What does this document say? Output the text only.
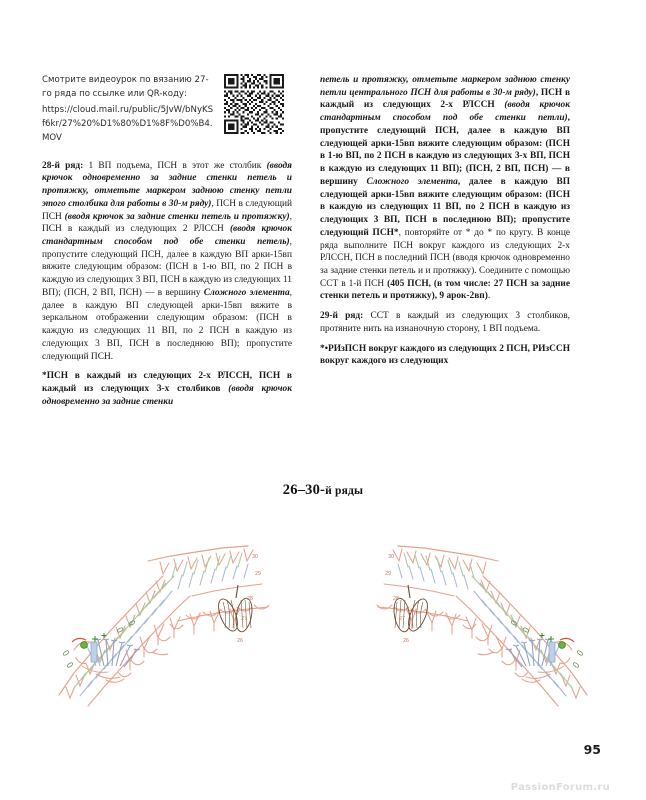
Смотрите видеоурок по вязанию 27-го ряда по ссылке или QR-коду:
https://cloud.mail.ru/public/5JvW/bNyKSf6kr/27%20%D1%80%D1%8F%D0%B4.MOV

28-й ряд: 1 ВП подъема, ПСН в этот же столбик (вводя крючок одновременно за задние стенки петель и протяжку, отметьте маркером заднюю стенку петли этого столбика для работы в 30-м ряду), ПСН в следующий ПСН (вводя крючок за задние стенки петель и протяжку), ПСН в каждый из следующих 2 РЛССН (вводя крючок стандартным способом под обе стенки петель), пропустите следующий ПСН, далее в каждую ВП арки-15вп вяжите следующим образом: (ПСН в 1-ю ВП, по 2 ПСН в каждую из следующих 3 ВП, ПСН в каждую из следующих 11 ВП); (ПСН, 2 ВП, ПСН) — в вершину Сложного элемента, далее в каждую ВП следующей арки-15вп вяжите в зеркальном отображении следующим образом: (ПСН в каждую из следующих 11 ВП, по 2 ПСН в каждую из следующих 3 ВП, ПСН в последнюю ВП); пропустите следующий ПСН.

*ПСН в каждый из следующих 2-х РЛССН, ПСН в каждый из следующих 3-х столбиков (вводя крючок одновременно за задние стенки

петель и протяжку, отметьте маркером заднюю стенку петли центрального ПСН для работы в 30-м ряду), ПСН в каждый из следующих 2-х РЛССН (вводя крючок стандартным способом под обе стенки петли), пропустите следующий ПСН, далее в каждую ВП следующей арки-15вп вяжите следующим образом: (ПСН в 1-ю ВП, по 2 ПСН в каждую из следующих 3-х ВП, ПСН в каждую из следующих 11 ВП); (ПСН, 2 ВП, ПСН) — в вершину Сложного элемента, далее в каждую ВП следующей арки-15вп вяжите следующим образом: (ПСН в каждую из следующих 11 ВП, по 2 ПСН в каждую из следующих 3 ВП, ПСН в последнюю ВП); пропустите следующий ПСН*, повторяйте от * до * по кругу. В конце ряда выполните ПСН вокруг каждого из следующих 2-х РЛССН, ПСН в последний ПСН (вводя крючок одновременно за задние стенки петель и и протяжку). Соедините с помощью ССТ в 1-й ПСН (405 ПСН, (в том числе: 27 ПСН за задние стенки петель и протяжку), 9 арок-2вп).

29-й ряд: ССТ в каждый из следующих 3 столбиков, протяните нить на изнаночную сторону, 1 ВП подъема.

*•РИзПСН вокруг каждого из следующих 2 ПСН, РИзССН вокруг каждого из следующих

26–30-й ряды
30	30
29	29
28	28
27	27
26	26
95
PassionForum.ru
